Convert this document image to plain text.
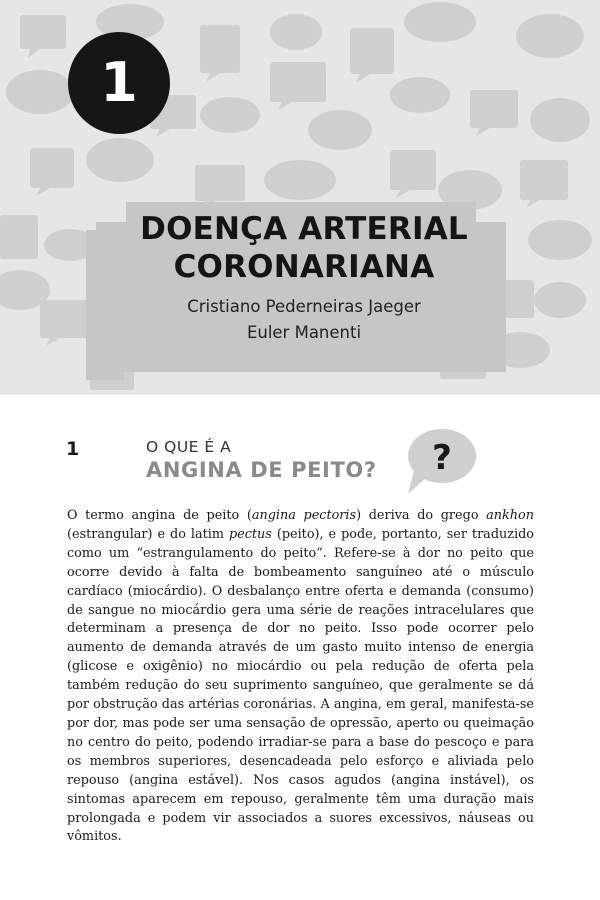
1
DOENÇA ARTERIAL
CORONARIANA
Cristiano Pederneiras Jaeger
Euler Manenti
1	O QUE É A
ANGINA DE PEITO? ?

O termo angina de peito (angina pectoris) deriva do grego ankhon (estrangular) e do latim pectus (peito), e pode, portanto, ser traduzido como um “estrangulamento do peito”. Refere-se à dor no peito que ocorre devido à falta de bombeamento sanguíneo até o músculo cardíaco (miocárdio). O desbalanço entre oferta e demanda (consumo) de sangue no miocárdio gera uma série de reações intracelulares que determinam a presença de dor no peito. Isso pode ocorrer pelo aumento de demanda através de um gasto muito intenso de energia (glicose e oxigênio) no miocárdio ou pela redução de oferta pela também redução do seu suprimento sanguíneo, que geralmente se dá por obstrução das artérias coronárias. A angina, em geral, manifesta-se por dor, mas pode ser uma sensação de opressão, aperto ou queimação no centro do peito, podendo irradiar-se para a base do pescoço e para os membros superiores, desencadeada pelo esforço e aliviada pelo repouso (angina estável). Nos casos agudos (angina instável), os sintomas aparecem em repouso, geralmente têm uma duração mais prolongada e podem vir associados a suores excessivos, náuseas ou vômitos.
